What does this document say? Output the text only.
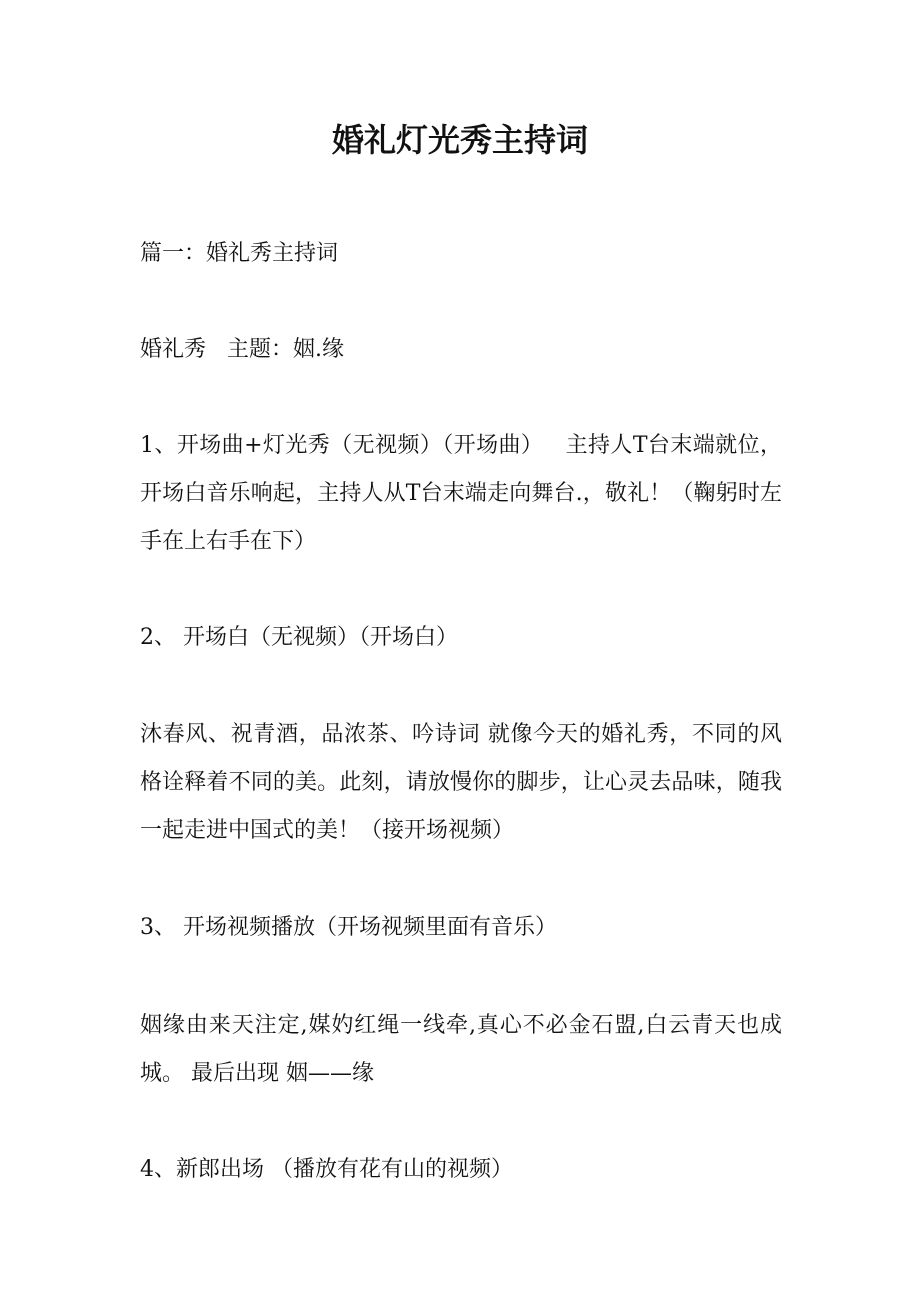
婚礼灯光秀主持词

篇一：婚礼秀主持词

婚礼秀   主题：姻.缘

1、开场曲+灯光秀（无视频）（开场曲）   主持人T台末端就位，开场白音乐响起，主持人从T台末端走向舞台.，敬礼！（鞠躬时左手在上右手在下）

2、 开场白（无视频）（开场白）

沐春风、祝青酒，品浓茶、吟诗词 就像今天的婚礼秀，不同的风格诠释着不同的美。此刻，请放慢你的脚步，让心灵去品味，随我一起走进中国式的美！（接开场视频）

3、 开场视频播放（开场视频里面有音乐）

姻缘由来天注定,媒妁红绳一线牵,真心不必金石盟,白云青天也成城。 最后出现 姻——缘

4、新郎出场 （播放有花有山的视频）
